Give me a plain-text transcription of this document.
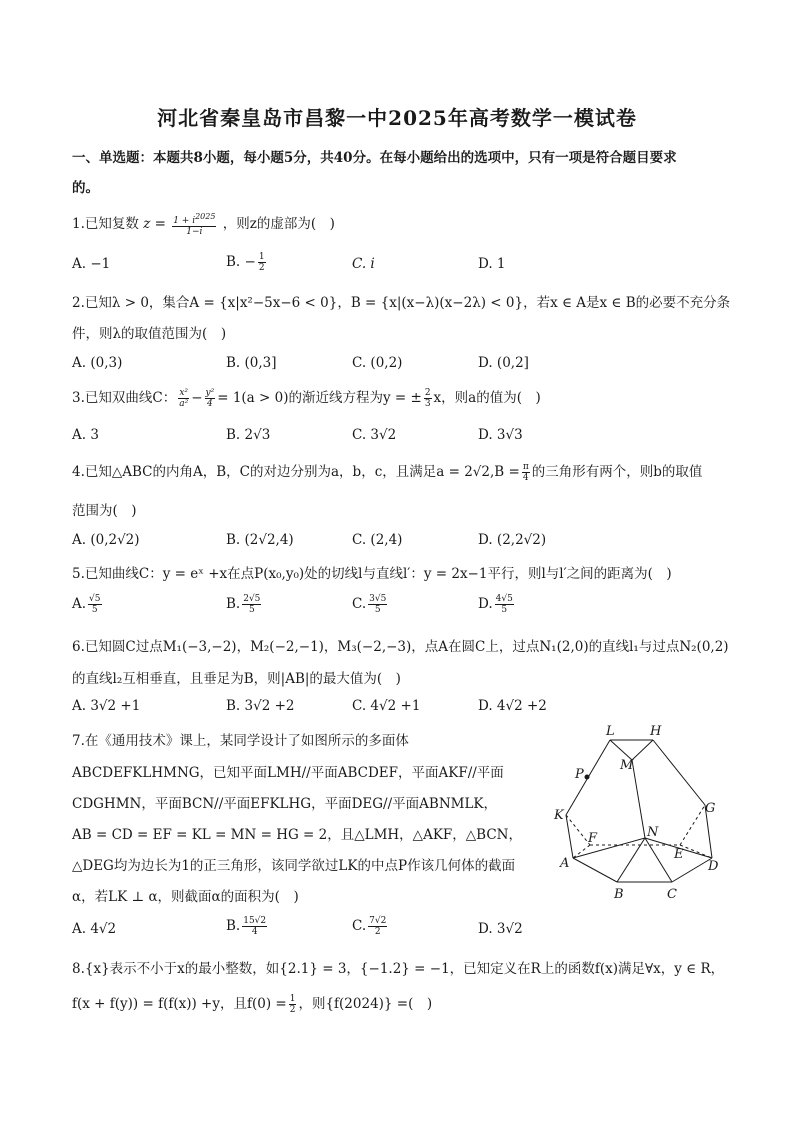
河北省秦皇岛市昌黎一中2025年高考数学一模试卷
一、单选题：本题共8小题，每小题5分，共40分。在每小题给出的选项中，只有一项是符合题目要求
的。
1.已知复数 $z = \frac{1 + i2025}{1-i}$ ，则z的虚部为(　)
A. −1	B. − $\frac{1}{2}$	C. i	D. 1
2.已知λ > 0，集合A = {x|x²−5x−6 < 0}，B = {x|(x−λ)(x−2λ) < 0}，若x ∈ A是x ∈ B的必要不充分条
件，则λ的取值范围为(　)
A. (0,3)	B. (0,3]	C. (0,2)	D. (0,2]
3.已知双曲线C： $\frac{\text{x²}}{\text{a²}} - \frac{\text{y²}}{4} = 1(a > 0)$的渐近线方程为y = ± $\frac{2}{3}$ x，则a的值为(　)
A. 3	B. 2√3	C. 3√2	D. 3√3
4.已知△ABC的内角A，B，C的对边分别为a，b，c，且满足$a = 2√2,B = \frac{\pi}{4}$ 的三角形有两个，则b的取值
范围为(　)
A. (0,2√2)	B. (2√2,4)	C. (2,4)	D. (2,2√2)
5.已知曲线C：y = eˣ +x在点P(x₀,y₀)处的切线l与直线l′：y = 2x−1平行，则l与l′之间的距离为(　)
A. $\frac{√5}{5}$	B. $\frac{2√5}{5}$	C. $\frac{3√5}{5}$	D. $\frac{4√5}{5}$
6.已知圆C过点M₁(−3,−2)，M₂(−2,−1)，M₃(−2,−3)，点A在圆C上，过点N₁(2,0)的直线l₁与过点N₂(0,2)
的直线l₂互相垂直，且垂足为B，则|AB|的最大值为(　)
A. 3√2 +1	B. 3√2 +2	C. 4√2 +1	D. 4√2 +2
7.在《通用技术》课上，某同学设计了如图所示的多面体
ABCDEFKLHMNG，已知平面LMH//平面ABCDEF，平面AKF//平面
CDGHMN，平面BCN//平面EFKLHG，平面DEG//平面ABNMLK，
AB = CD = EF = KL = MN = HG = 2，且△LMH，△AKF，△BCN，
△DEG均为边长为1的正三角形，该同学欲过LK的中点P作该几何体的截面
α，若LK ⊥ α，则截面α的面积为(　)
A. 4√2	B. $\frac{15√2}{4}$	C. $\frac{7√2}{2}$	D. 3√2
L	H
M
P
G
K
F	N
E
A	D
B	C
8.{x}表示不小于x的最小整数，如{2.1} = 3，{−1.2} = −1，已知定义在R上的函数f(x)满足∀x，y ∈ R，
f(x + f(y)) = f(f(x)) +y，且$f(0) = \frac{1}{2}$ ，则{f(2024)} =(　)
